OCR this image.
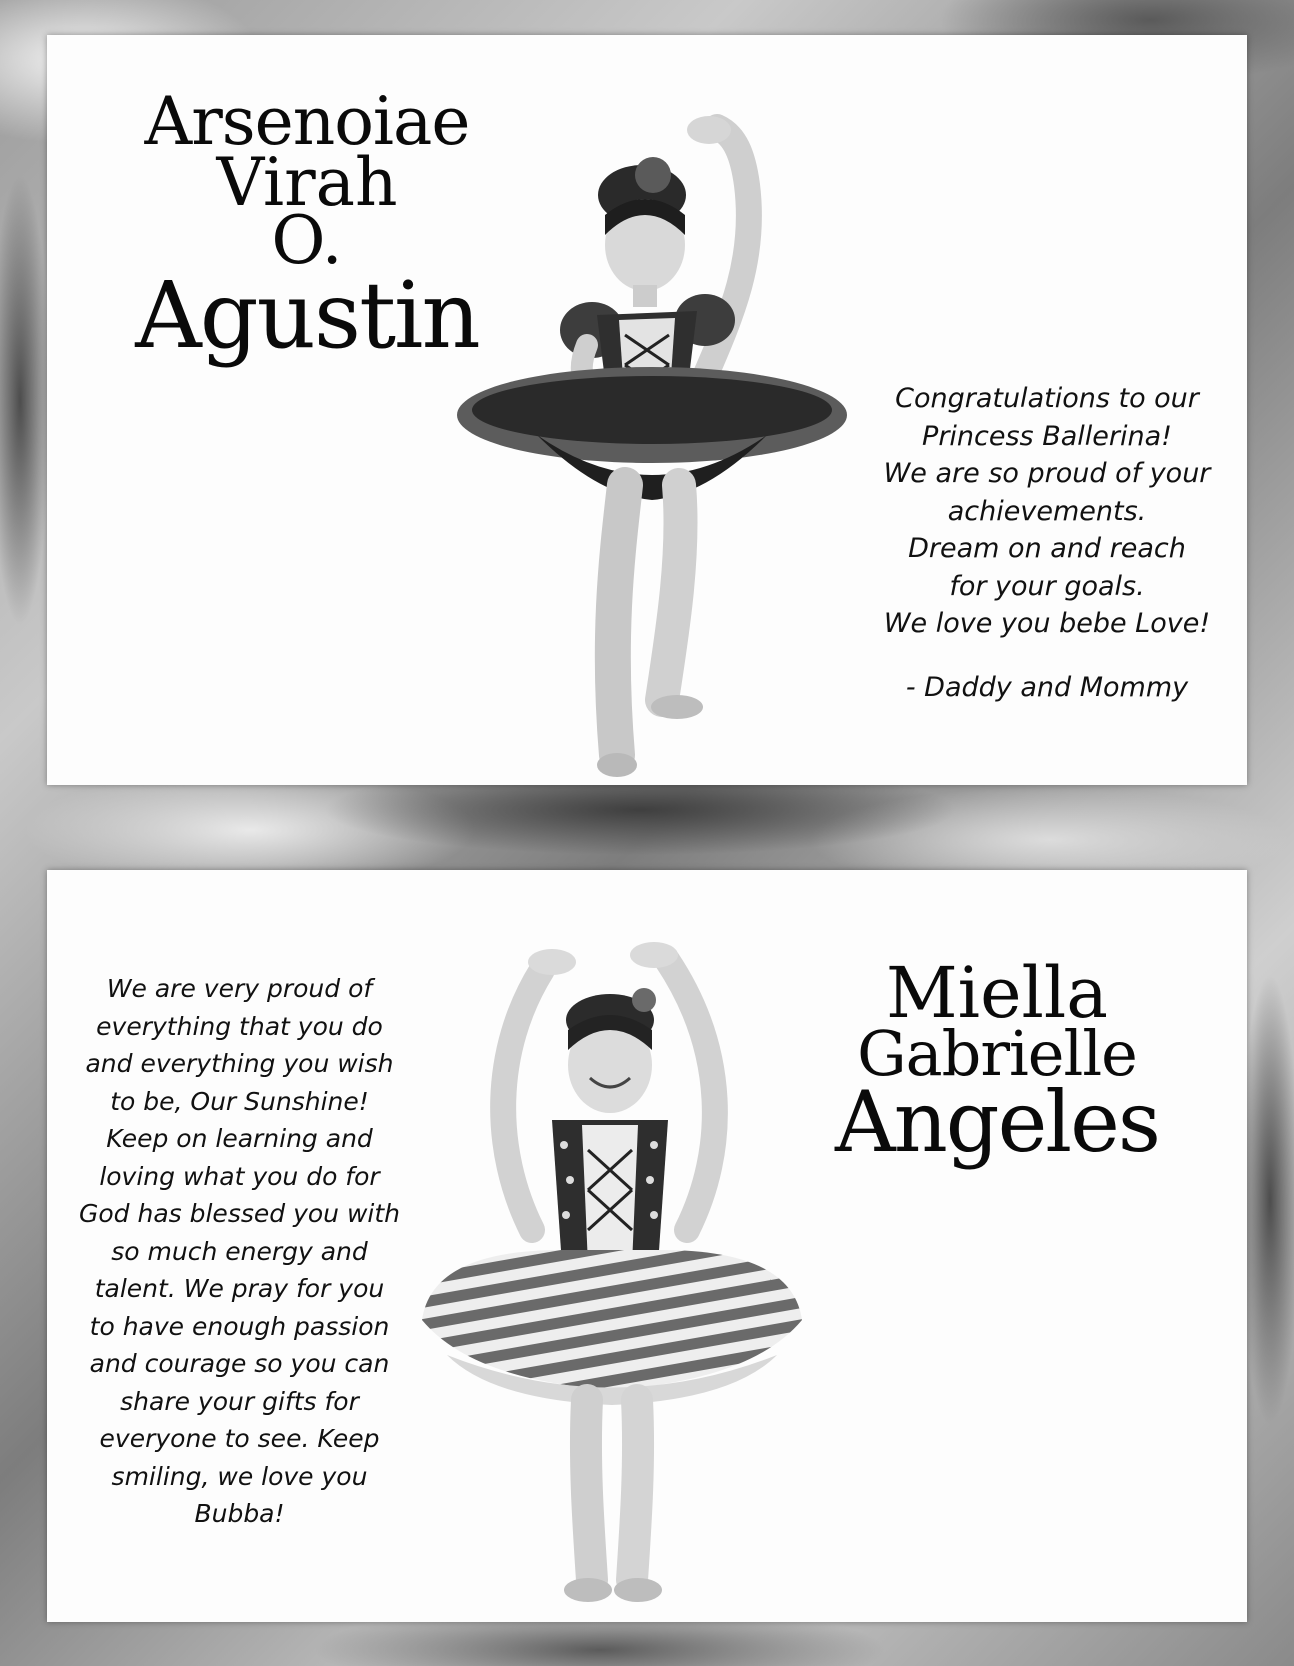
Arsenoiae
Virah
O.
Agustin
Congratulations to our
Princess Ballerina!
We are so proud of your
achievements.
Dream on and reach
for your goals.
We love you bebe Love!
- Daddy and Mommy
We are very proud of
everything that you do
and everything you wish
to be, Our Sunshine!
Keep on learning and
loving what you do for
God has blessed you with
so much energy and
talent. We pray for you
to have enough passion
and courage so you can
share your gifts for
everyone to see. Keep
smiling, we love you
Bubba!
Miella
Gabrielle
Angeles
